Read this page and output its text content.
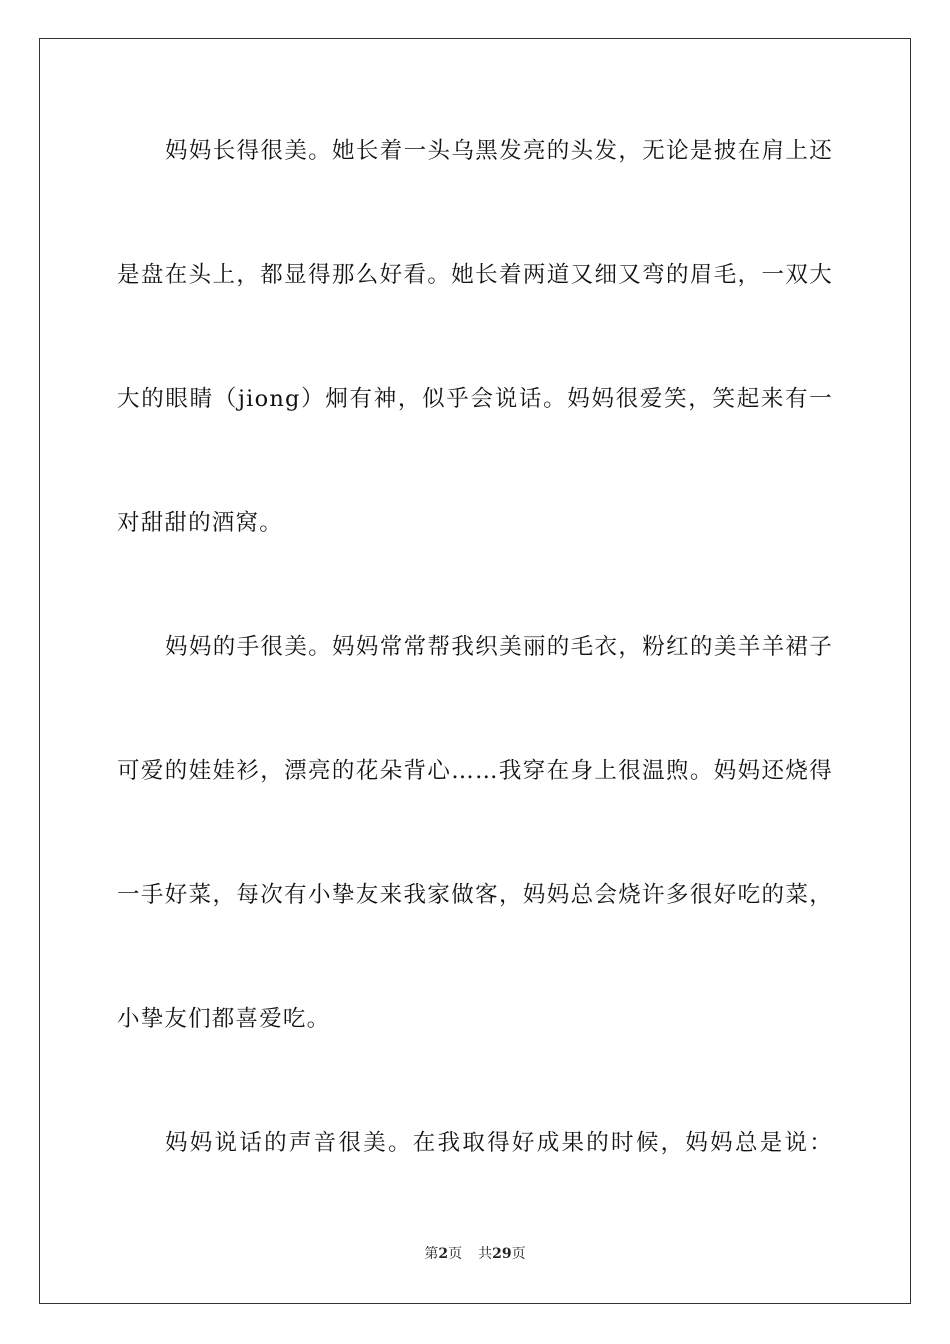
妈妈长得很美。她长着一头乌黑发亮的头发，无论是披在肩上还
是盘在头上，都显得那么好看。她长着两道又细又弯的眉毛，一双大
大的眼睛（jiong）炯有神，似乎会说话。妈妈很爱笑，笑起来有一
对甜甜的酒窝。
妈妈的手很美。妈妈常常帮我织美丽的毛衣，粉红的美羊羊裙子
可爱的娃娃衫，漂亮的花朵背心……我穿在身上很温煦。妈妈还烧得
一手好菜，每次有小挚友来我家做客，妈妈总会烧许多很好吃的菜，
小挚友们都喜爱吃。
妈妈说话的声音很美。在我取得好成果的时候，妈妈总是说：
第2页 共29页
